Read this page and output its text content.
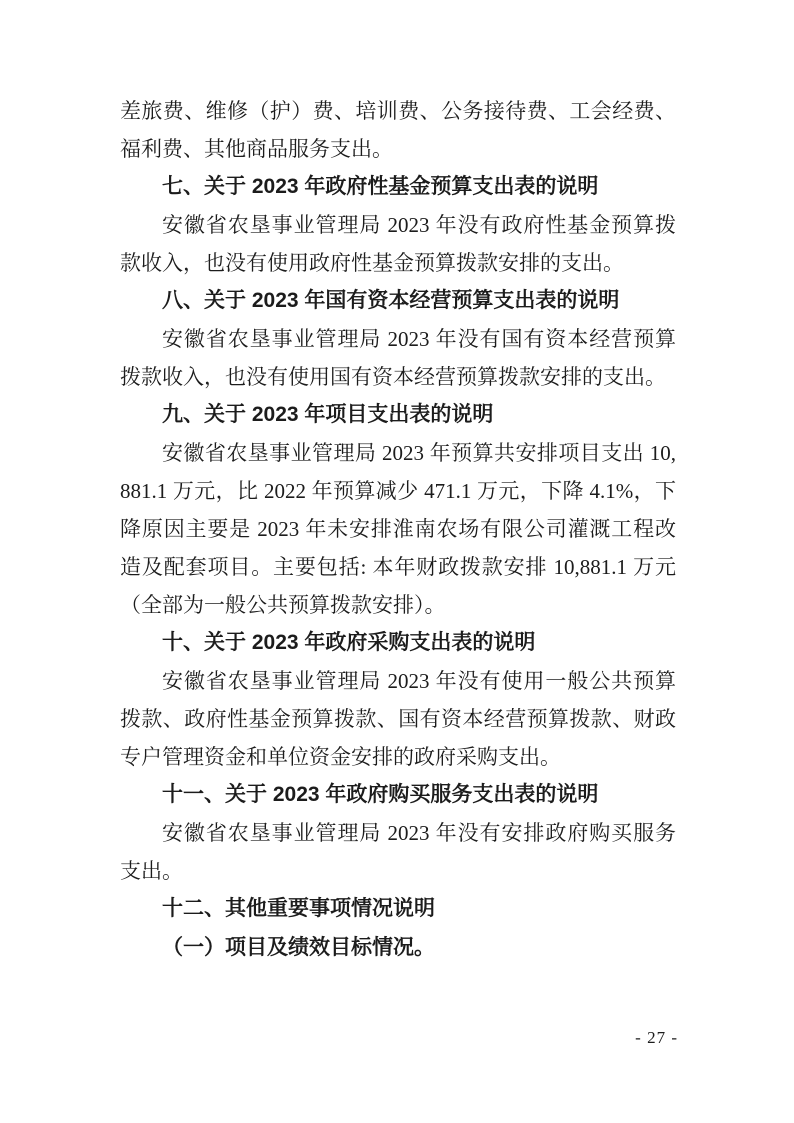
差旅费、维修（护）费、培训费、公务接待费、工会经费、福利费、其他商品服务支出。

七、关于 2023 年政府性基金预算支出表的说明

安徽省农垦事业管理局 2023 年没有政府性基金预算拨款收入，也没有使用政府性基金预算拨款安排的支出。

八、关于 2023 年国有资本经营预算支出表的说明

安徽省农垦事业管理局 2023 年没有国有资本经营预算拨款收入，也没有使用国有资本经营预算拨款安排的支出。

九、关于 2023 年项目支出表的说明

安徽省农垦事业管理局 2023 年预算共安排项目支出 10,881.1 万元，比 2022 年预算减少 471.1 万元，下降 4.1%，下降原因主要是 2023 年未安排淮南农场有限公司灌溉工程改造及配套项目。主要包括: 本年财政拨款安排 10,881.1 万元（全部为一般公共预算拨款安排）。

十、关于 2023 年政府采购支出表的说明

安徽省农垦事业管理局 2023 年没有使用一般公共预算拨款、政府性基金预算拨款、国有资本经营预算拨款、财政专户管理资金和单位资金安排的政府采购支出。

十一、关于 2023 年政府购买服务支出表的说明

安徽省农垦事业管理局 2023 年没有安排政府购买服务支出。

十二、其他重要事项情况说明

（一）项目及绩效目标情况。

- 27 -
